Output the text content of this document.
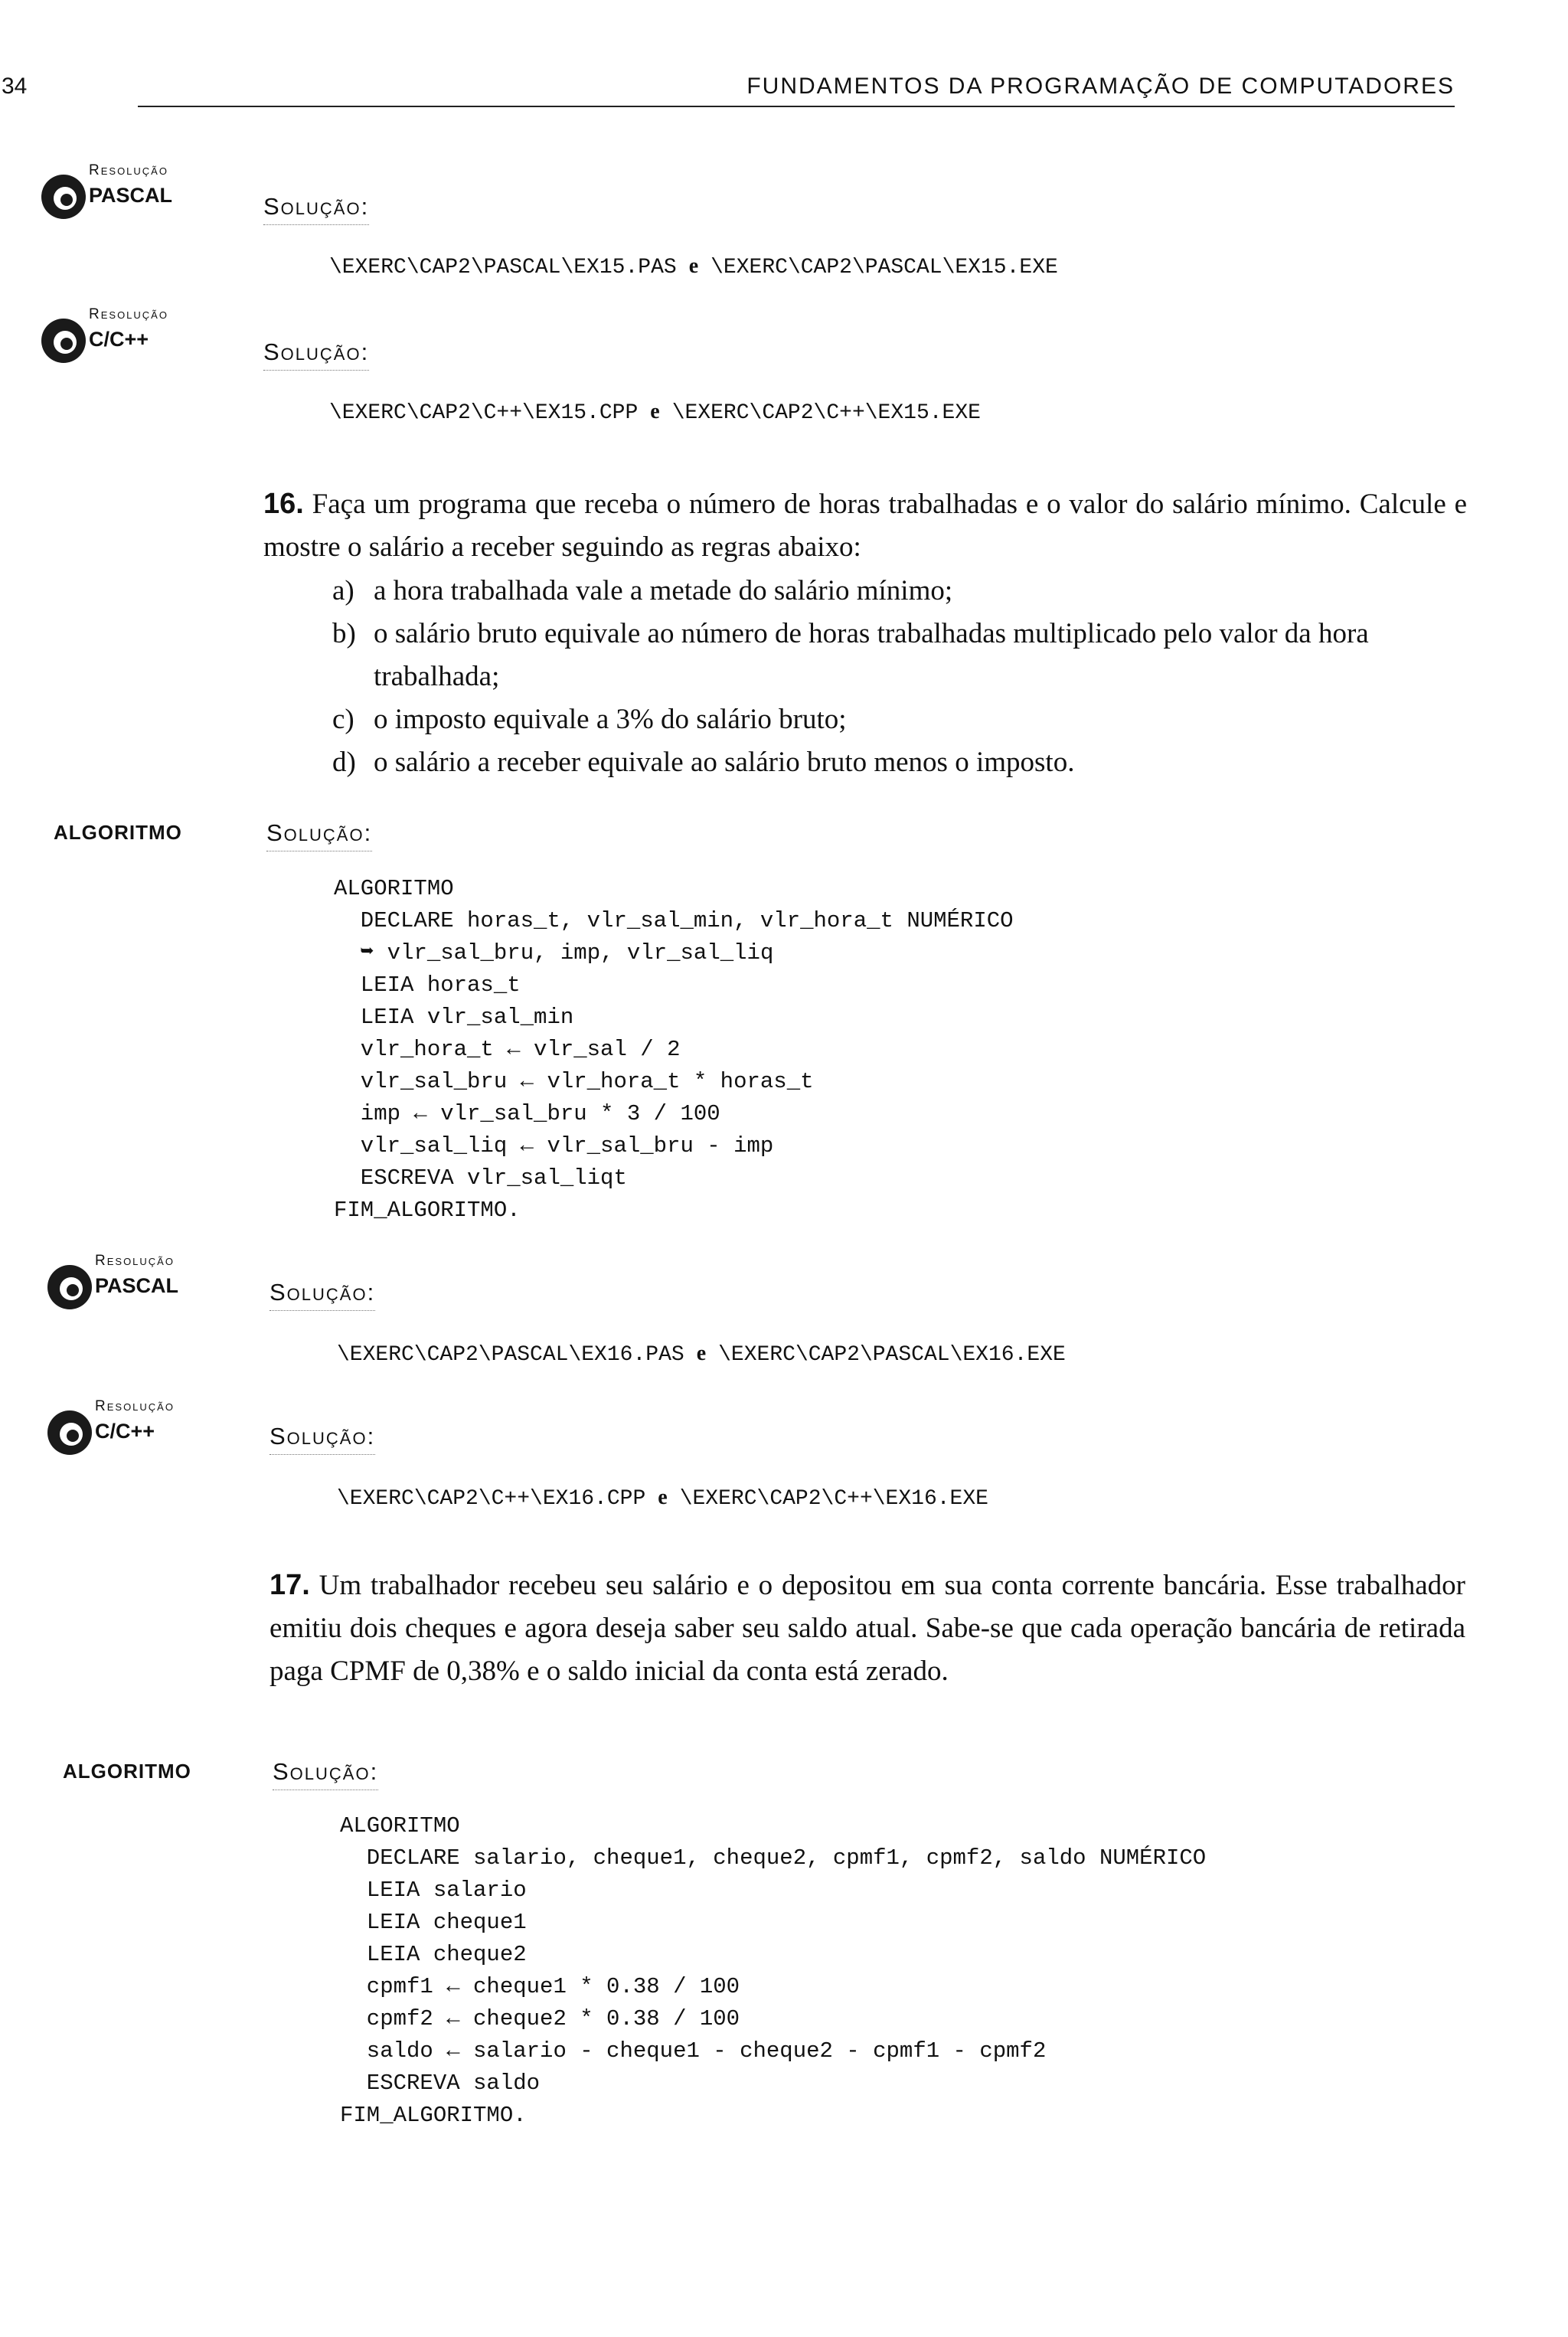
34	FUNDAMENTOS DA PROGRAMAÇÃO DE COMPUTADORES
Resolução
PASCAL	Solução:
\EXERC\CAP2\PASCAL\EX15.PAS e \EXERC\CAP2\PASCAL\EX15.EXE
Resolução
C/C++	Solução:
\EXERC\CAP2\C++\EX15.CPP e \EXERC\CAP2\C++\EX15.EXE
16. Faça um programa que receba o número de horas trabalhadas e o valor do salário mínimo. Calcule e mostre o salário a receber seguindo as regras abaixo:
a) a hora trabalhada vale a metade do salário mínimo;
b) o salário bruto equivale ao número de horas trabalhadas multiplicado pelo valor da hora trabalhada;
c) o imposto equivale a 3% do salário bruto;
d) o salário a receber equivale ao salário bruto menos o imposto.
ALGORITMO	Solução:
ALGORITMO
DECLARE horas_t, vlr_sal_min, vlr_hora_t NUMÉRICO
➥ vlr_sal_bru, imp, vlr_sal_liq
LEIA horas_t
LEIA vlr_sal_min
vlr_hora_t ← vlr_sal / 2
vlr_sal_bru ← vlr_hora_t * horas_t
imp ← vlr_sal_bru * 3 / 100
vlr_sal_liq ← vlr_sal_bru - imp
ESCREVA vlr_sal_liqt
FIM_ALGORITMO.
Resolução
PASCAL	Solução:
\EXERC\CAP2\PASCAL\EX16.PAS e \EXERC\CAP2\PASCAL\EX16.EXE
Resolução
C/C++	Solução:
\EXERC\CAP2\C++\EX16.CPP e \EXERC\CAP2\C++\EX16.EXE
17. Um trabalhador recebeu seu salário e o depositou em sua conta corrente bancária. Esse trabalhador emitiu dois cheques e agora deseja saber seu saldo atual. Sabe-se que cada operação bancária de retirada paga CPMF de 0,38% e o saldo inicial da conta está zerado.
ALGORITMO	Solução:
ALGORITMO
DECLARE salario, cheque1, cheque2, cpmf1, cpmf2, saldo NUMÉRICO
LEIA salario
LEIA cheque1
LEIA cheque2
cpmf1 ← cheque1 * 0.38 / 100
cpmf2 ← cheque2 * 0.38 / 100
saldo ← salario - cheque1 - cheque2 - cpmf1 - cpmf2
ESCREVA saldo
FIM_ALGORITMO.
